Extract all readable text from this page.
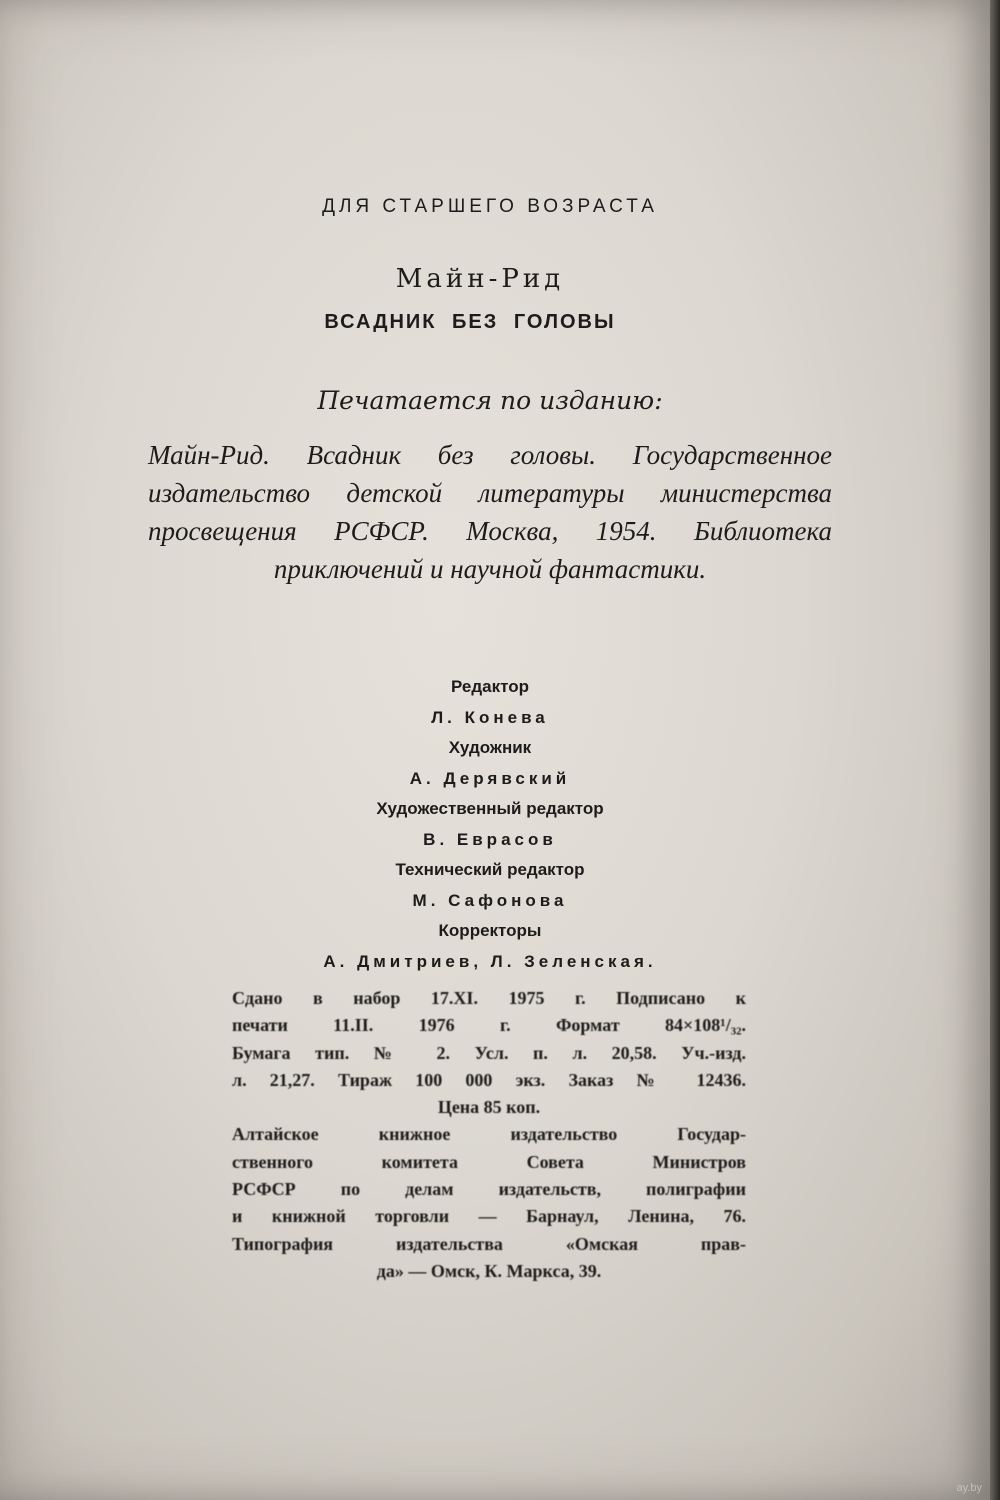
ДЛЯ СТАРШЕГО ВОЗРАСТА
Майн-Рид
ВСАДНИК БЕЗ ГОЛОВЫ
Печатается по изданию:
Майн-Рид. Всадник без головы. Государственное
издательство детской литературы министерства
просвещения РСФСР. Москва, 1954. Библиотека
приключений и научной фантастики.
Редактор
Л. Конева
Художник
А. Дерявский
Художественный редактор
В. Еврасов
Технический редактор
М. Сафонова
Корректоры
А. Дмитриев, Л. Зеленская.
Сдано в набор 17.XI. 1975 г. Подписано к
печати 11.II. 1976 г. Формат 84×108¹/₃₂.
Бумага тип. № 2. Усл. п. л. 20,58. Уч.-изд.
л. 21,27. Тираж 100 000 экз. Заказ № 12436.
Цена 85 коп.
Алтайское книжное издательство Государ-
ственного комитета Совета Министров
РСФСР по делам издательств, полиграфии
и книжной торговли — Барнаул, Ленина, 76.
Типография издательства «Омская прав-
да» — Омск, К. Маркса, 39.
ay.by
